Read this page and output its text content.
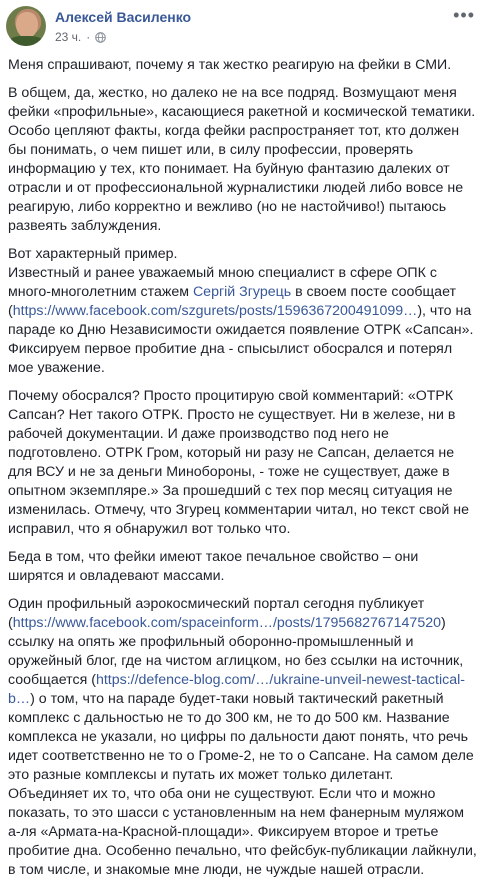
Алексей Василенко
23 ч. ·
•••

Меня спрашивают, почему я так жестко реагирую на фейки в СМИ.

В общем, да, жестко, но далеко не на все подряд. Возмущают меня фейки «профильные», касающиеся ракетной и космической тематики. Особо цепляют факты, когда фейки распространяет тот, кто должен бы понимать, о чем пишет или, в силу профессии, проверять информацию у тех, кто понимает. На буйную фантазию далеких от отрасли и от профессиональной журналистики людей либо вовсе не реагирую, либо корректно и вежливо (но не настойчиво!) пытаюсь развеять заблуждения.

Вот характерный пример.
Известный и ранее уважаемый мною специалист в сфере ОПК с много-многолетним стажем Сергій Згурець в своем посте сообщает (https://www.facebook.com/szgurets/posts/1596367200491099…), что на параде ко Дню Независимости ожидается появление ОТРК «Сапсан». Фиксируем первое пробитие дна - спысылист обосрался и потерял мое уважение.

Почему обосрался? Просто процитирую свой комментарий: «ОТРК Сапсан? Нет такого ОТРК. Просто не существует. Ни в железе, ни в рабочей документации. И даже производство под него не подготовлено. ОТРК Гром, который ни разу не Сапсан, делается не для ВСУ и не за деньги Минобороны, - тоже не существует, даже в опытном экземпляре.» За прошедший с тех пор месяц ситуация не изменилась. Отмечу, что Згурец комментарии читал, но текст свой не исправил, что я обнаружил вот только что.

Беда в том, что фейки имеют такое печальное свойство – они ширятся и овладевают массами.

Один профильный аэрокосмический портал сегодня публикует (https://www.facebook.com/spaceinform…/posts/1795682767147520) ссылку на опять же профильный оборонно-промышленный и оружейный блог, где на чистом аглицком, но без ссылки на источник, сообщается (https://defence-blog.com/…/ukraine-unveil-newest-tactical-b…) о том, что на параде будет-таки новый тактический ракетный комплекс с дальностью не то до 300 км, не то до 500 км. Название комплекса не указали, но цифры по дальности дают понять, что речь идет соответственно не то о Громе-2, не то о Сапсане. На самом деле это разные комплексы и путать их может только дилетант. Объединяет их то, что оба они не существуют. Если что и можно показать, то это шасси с установленным на нем фанерным муляжом а-ля «Армата-на-Красной-площади». Фиксируем второе и третье пробитие дна. Особенно печально, что фейсбук-публикации лайкнули, в том числе, и знакомые мне люди, не чуждые нашей отрасли.
